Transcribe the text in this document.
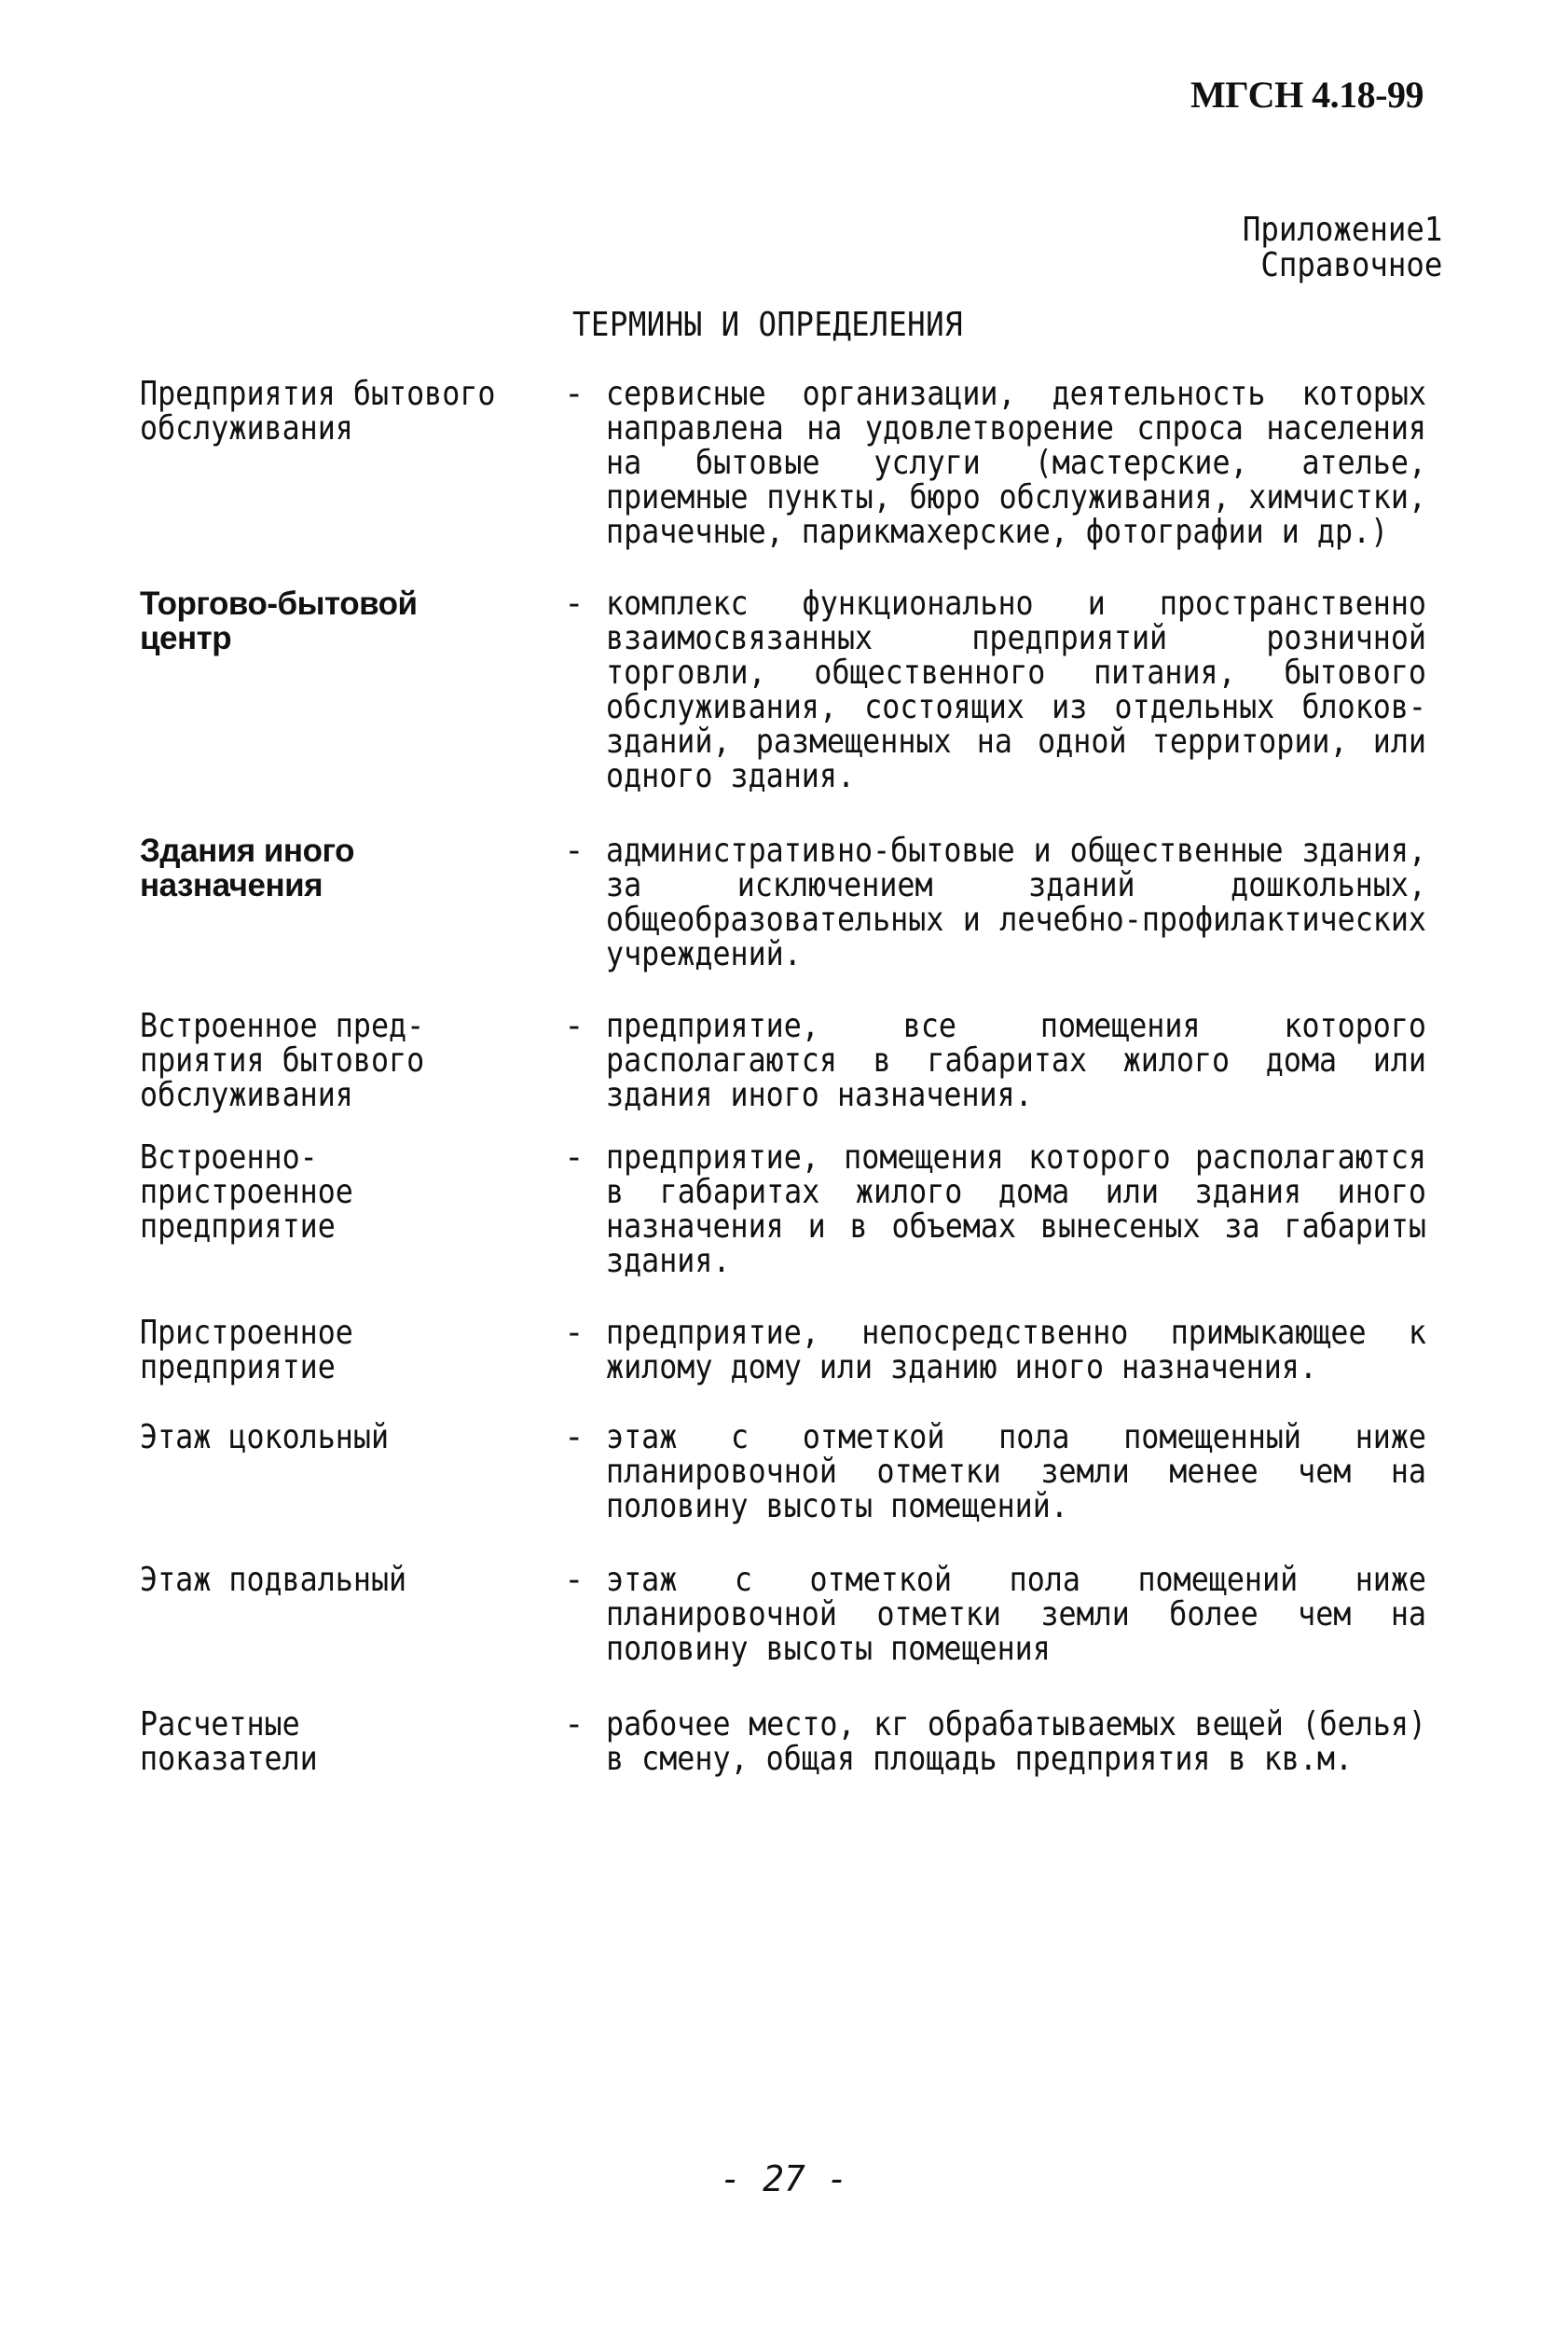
МГСН 4.18-99
Приложение1
Справочное
ТЕРМИНЫ И ОПРЕДЕЛЕНИЯ
Предприятия бытового
обслуживания
- сервисные организации, деятельность которых направлена на удовлетворение спроса населения на бытовые услуги (мастерские, ателье, приемные пункты, бюро обслуживания, химчистки, прачечные, парикмахерские, фотографии и др.)
Торгово-бытовой
центр
- комплекс функционально и пространственно взаимосвязанных предприятий розничной торговли, общественного питания, бытового обслуживания, состоящих из отдельных блоков-зданий, размещенных на одной территории, или одного здания.
Здания иного
назначения
- административно-бытовые и общественные здания, за исключением зданий дошкольных, общеобразовательных и лечебно-профилактических учреждений.
Встроенное пред-
приятия бытового
обслуживания
- предприятие, все помещения которого располагаются в габаритах жилого дома или здания иного назначения.
Встроенно-
пристроенное
предприятие
- предприятие, помещения которого располагаются в габаритах жилого дома или здания иного назначения и в объемах вынесеных за габариты здания.
Пристроенное
предприятие
- предприятие, непосредственно примыкающее к жилому дому или зданию иного назначения.
Этаж цокольный	- этаж с отметкой пола помещенный ниже планировочной отметки земли менее чем на половину высоты помещений.
Этаж подвальный	- этаж с отметкой пола помещений ниже планировочной отметки земли более чем на половину высоты помещения
Расчетные
показатели
- рабочее место, кг обрабатываемых вещей (белья) в смену, общая площадь предприятия в кв.м.
- 27 -
